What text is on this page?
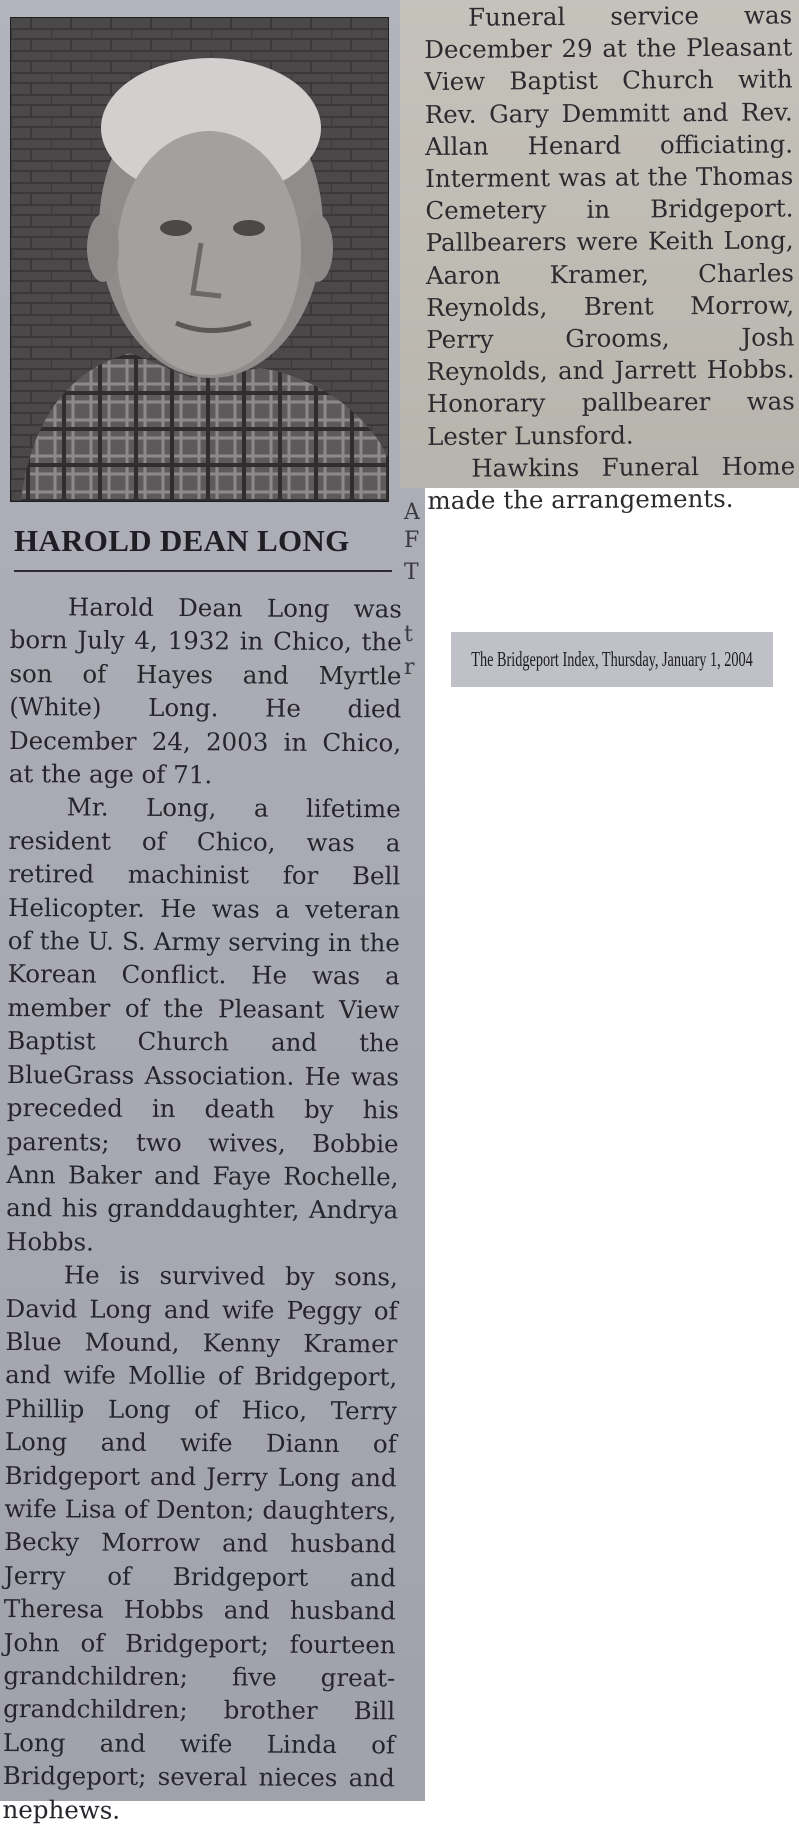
HAROLD DEAN LONG

Harold Dean Long was born July 4, 1932 in Chico, the son of Hayes and Myrtle (White) Long. He died December 24, 2003 in Chico, at the age of 71.

Mr. Long, a lifetime resident of Chico, was a retired machinist for Bell Helicopter. He was a veteran of the U. S. Army serving in the Korean Conflict. He was a member of the Pleasant View Baptist Church and the BlueGrass Association. He was preceded in death by his parents; two wives, Bobbie Ann Baker and Faye Rochelle, and his granddaughter, Andrya Hobbs.

He is survived by sons, David Long and wife Peggy of Blue Mound, Kenny Kramer and wife Mollie of Bridgeport, Phillip Long of Hico, Terry Long and wife Diann of Bridgeport and Jerry Long and wife Lisa of Denton; daughters, Becky Morrow and husband Jerry of Bridgeport and Theresa Hobbs and husband John of Bridgeport; fourteen grandchildren; five great-grandchildren; brother Bill Long and wife Linda of Bridgeport; several nieces and nephews.

Funeral service was December 29 at the Pleasant View Baptist Church with Rev. Gary Demmitt and Rev. Allan Henard officiating. Interment was at the Thomas Cemetery in Bridgeport. Pallbearers were Keith Long, Aaron Kramer, Charles Reynolds, Brent Morrow, Perry Grooms, Josh Reynolds, and Jarrett Hobbs. Honorary pallbearer was Lester Lunsford.

Hawkins Funeral Home made the arrangements.

A
F
T
t
r	The Bridgeport Index, Thursday, January 1, 2004
